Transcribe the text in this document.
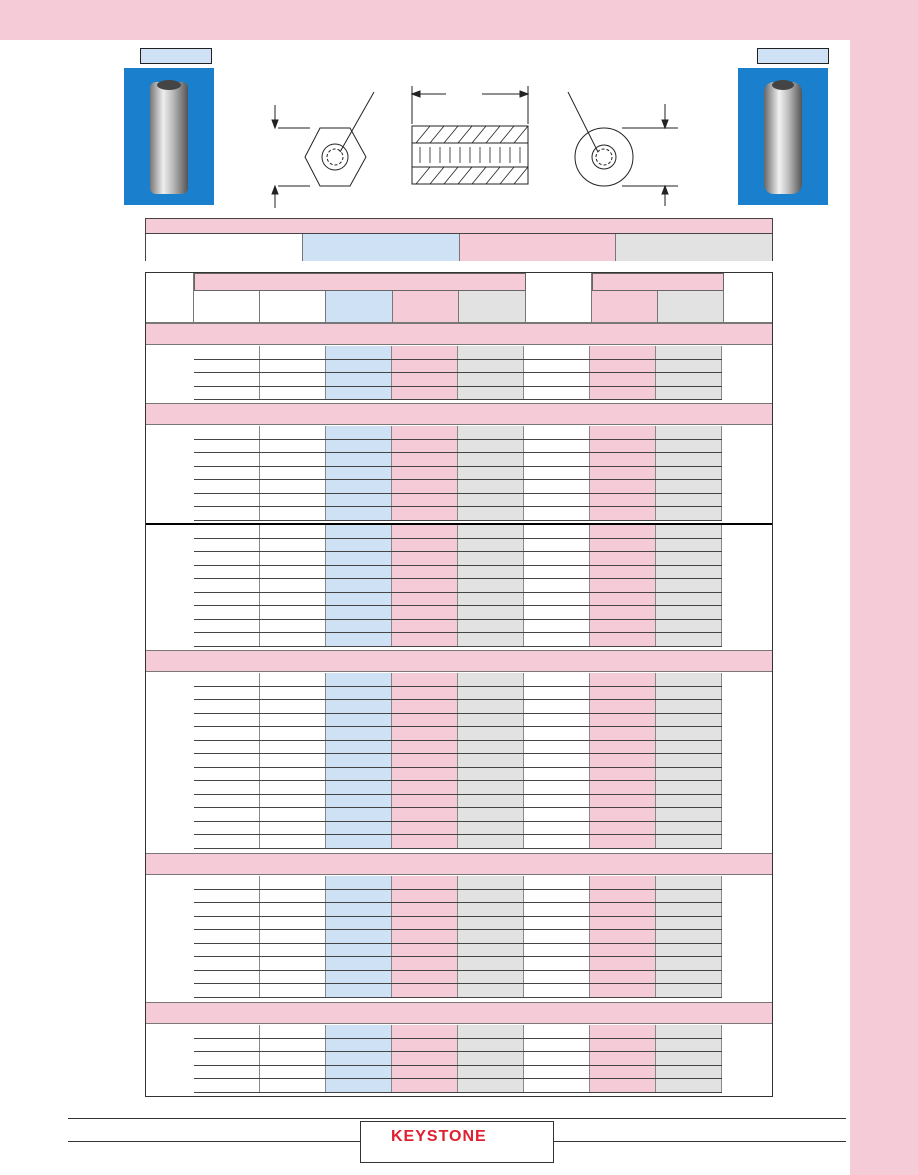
KEYSTONE
